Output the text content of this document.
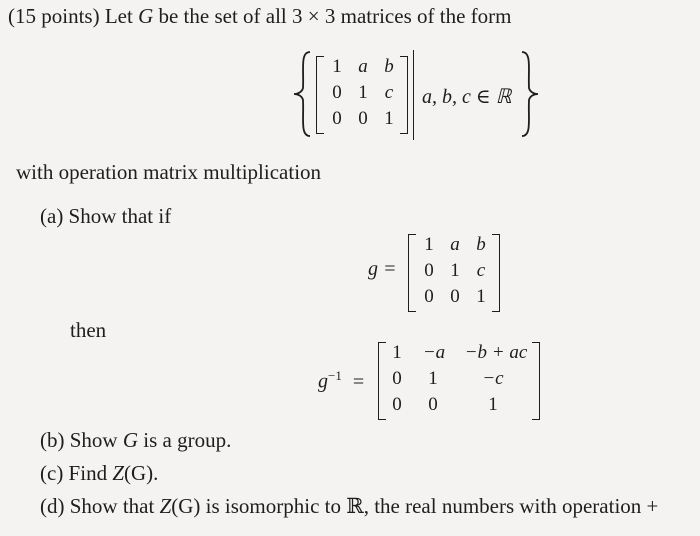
(15 points) Let G be the set of all 3 × 3 matrices of the form
1 a b
0 1 c
0 0 1
a, b, c ∈ ℝ
with operation matrix multiplication
(a) Show that if
g =
1 a b
0 1 c
0 0 1
then
$g^{-1}$ =
1	−a	−b + ac
0	1	−c
0	0	1
(b) Show G is a group.
(c) Find Z(G).
(d) Show that Z(G) is isomorphic to ℝ, the real numbers with operation +
